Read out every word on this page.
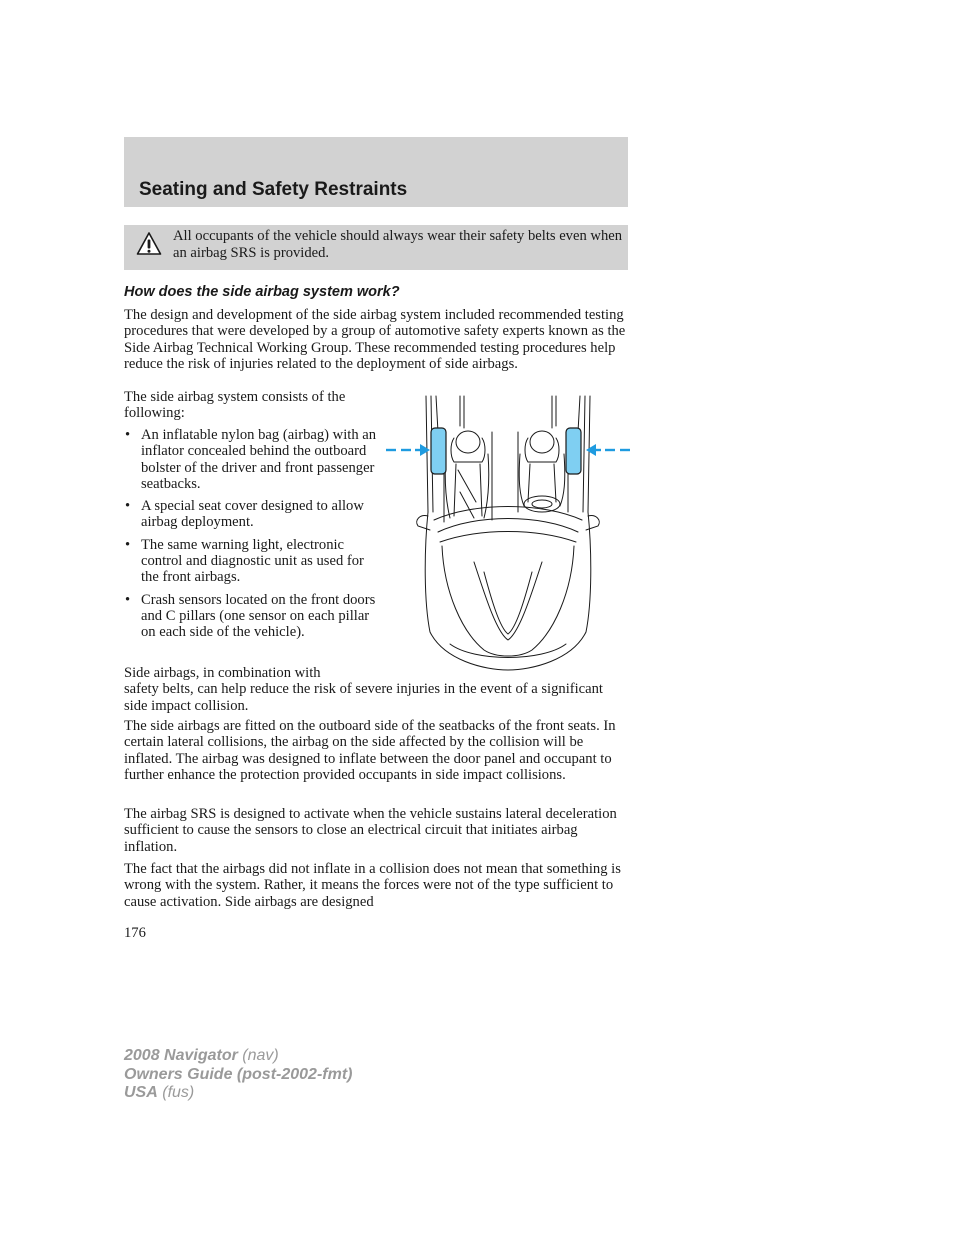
Seating and Safety Restraints
All occupants of the vehicle should always wear their safety belts even when an airbag SRS is provided.
How does the side airbag system work?

The design and development of the side airbag system included recommended testing procedures that were developed by a group of automotive safety experts known as the Side Airbag Technical Working Group. These recommended testing procedures help reduce the risk of injuries related to the deployment of side airbags.

The side airbag system consists of the following:

• An inflatable nylon bag (airbag) with an inflator concealed behind the outboard bolster of the driver and front passenger seatbacks.
• A special seat cover designed to allow airbag deployment.
• The same warning light, electronic control and diagnostic unit as used for the front airbags.
• Crash sensors located on the front doors and C pillars (one sensor on each pillar on each side of the vehicle).

Side airbags, in combination with
safety belts, can help reduce the risk of severe injuries in the event of a significant side impact collision.

The side airbags are fitted on the outboard side of the seatbacks of the front seats. In certain lateral collisions, the airbag on the side affected by the collision will be inflated. The airbag was designed to inflate between the door panel and occupant to further enhance the protection provided occupants in side impact collisions.

The airbag SRS is designed to activate when the vehicle sustains lateral deceleration sufficient to cause the sensors to close an electrical circuit that initiates airbag inflation.

The fact that the airbags did not inflate in a collision does not mean that something is wrong with the system. Rather, it means the forces were not of the type sufficient to cause activation. Side airbags are designed

176

2008 Navigator (nav)
Owners Guide (post-2002-fmt)
USA (fus)
